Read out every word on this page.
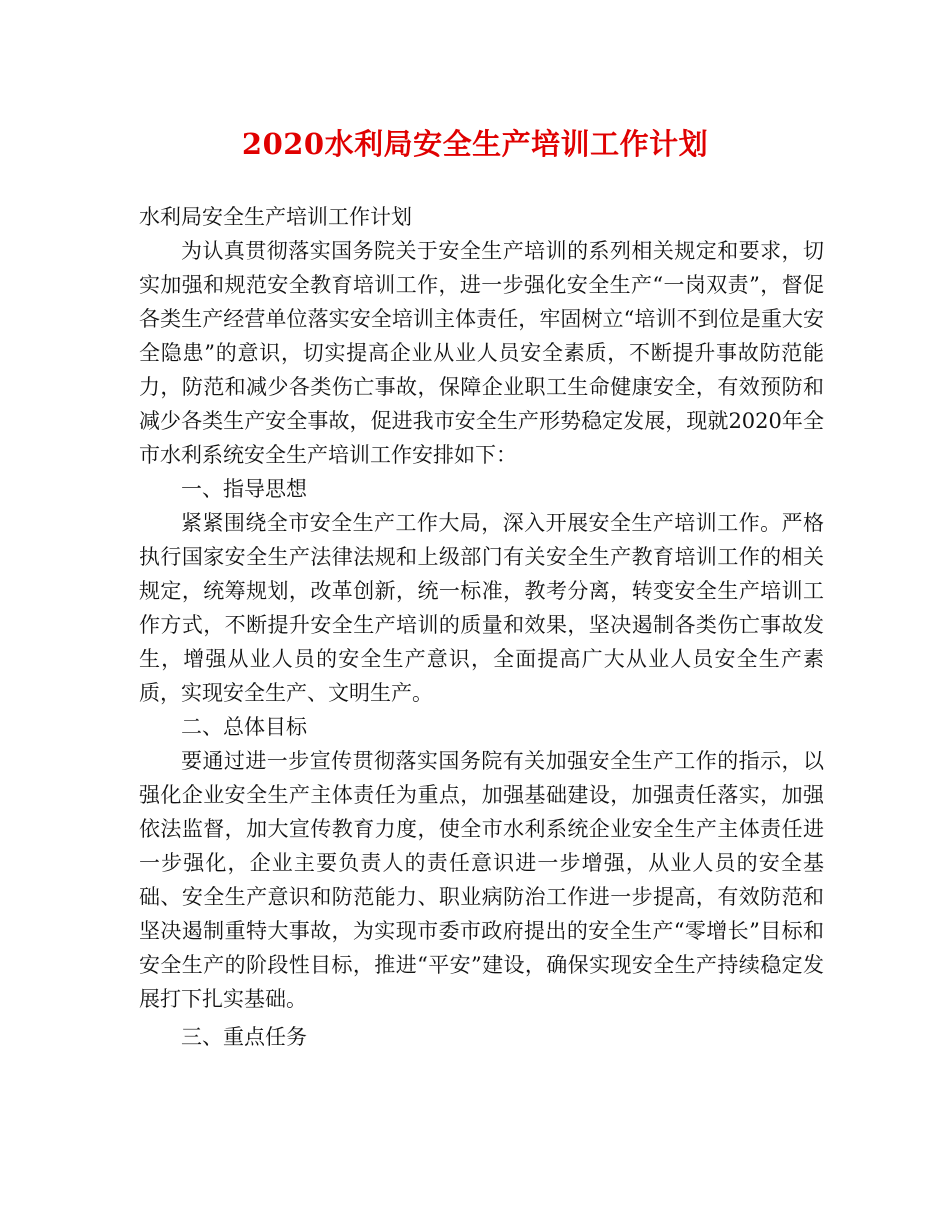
2020水利局安全生产培训工作计划

水利局安全生产培训工作计划

为认真贯彻落实国务院关于安全生产培训的系列相关规定和要求，切实加强和规范安全教育培训工作，进一步强化安全生产“一岗双责”，督促各类生产经营单位落实安全培训主体责任，牢固树立“培训不到位是重大安全隐患”的意识，切实提高企业从业人员安全素质，不断提升事故防范能力，防范和减少各类伤亡事故，保障企业职工生命健康安全，有效预防和减少各类生产安全事故，促进我市安全生产形势稳定发展，现就2020年全市水利系统安全生产培训工作安排如下：

一、指导思想

紧紧围绕全市安全生产工作大局，深入开展安全生产培训工作。严格执行国家安全生产法律法规和上级部门有关安全生产教育培训工作的相关规定，统筹规划，改革创新，统一标准，教考分离，转变安全生产培训工作方式，不断提升安全生产培训的质量和效果，坚决遏制各类伤亡事故发生，增强从业人员的安全生产意识，全面提高广大从业人员安全生产素质，实现安全生产、文明生产。

二、总体目标

要通过进一步宣传贯彻落实国务院有关加强安全生产工作的指示，以强化企业安全生产主体责任为重点，加强基础建设，加强责任落实，加强依法监督，加大宣传教育力度，使全市水利系统企业安全生产主体责任进一步强化，企业主要负责人的责任意识进一步增强，从业人员的安全基础、安全生产意识和防范能力、职业病防治工作进一步提高，有效防范和坚决遏制重特大事故，为实现市委市政府提出的安全生产“零增长”目标和安全生产的阶段性目标，推进“平安”建设，确保实现安全生产持续稳定发展打下扎实基础。

三、重点任务
